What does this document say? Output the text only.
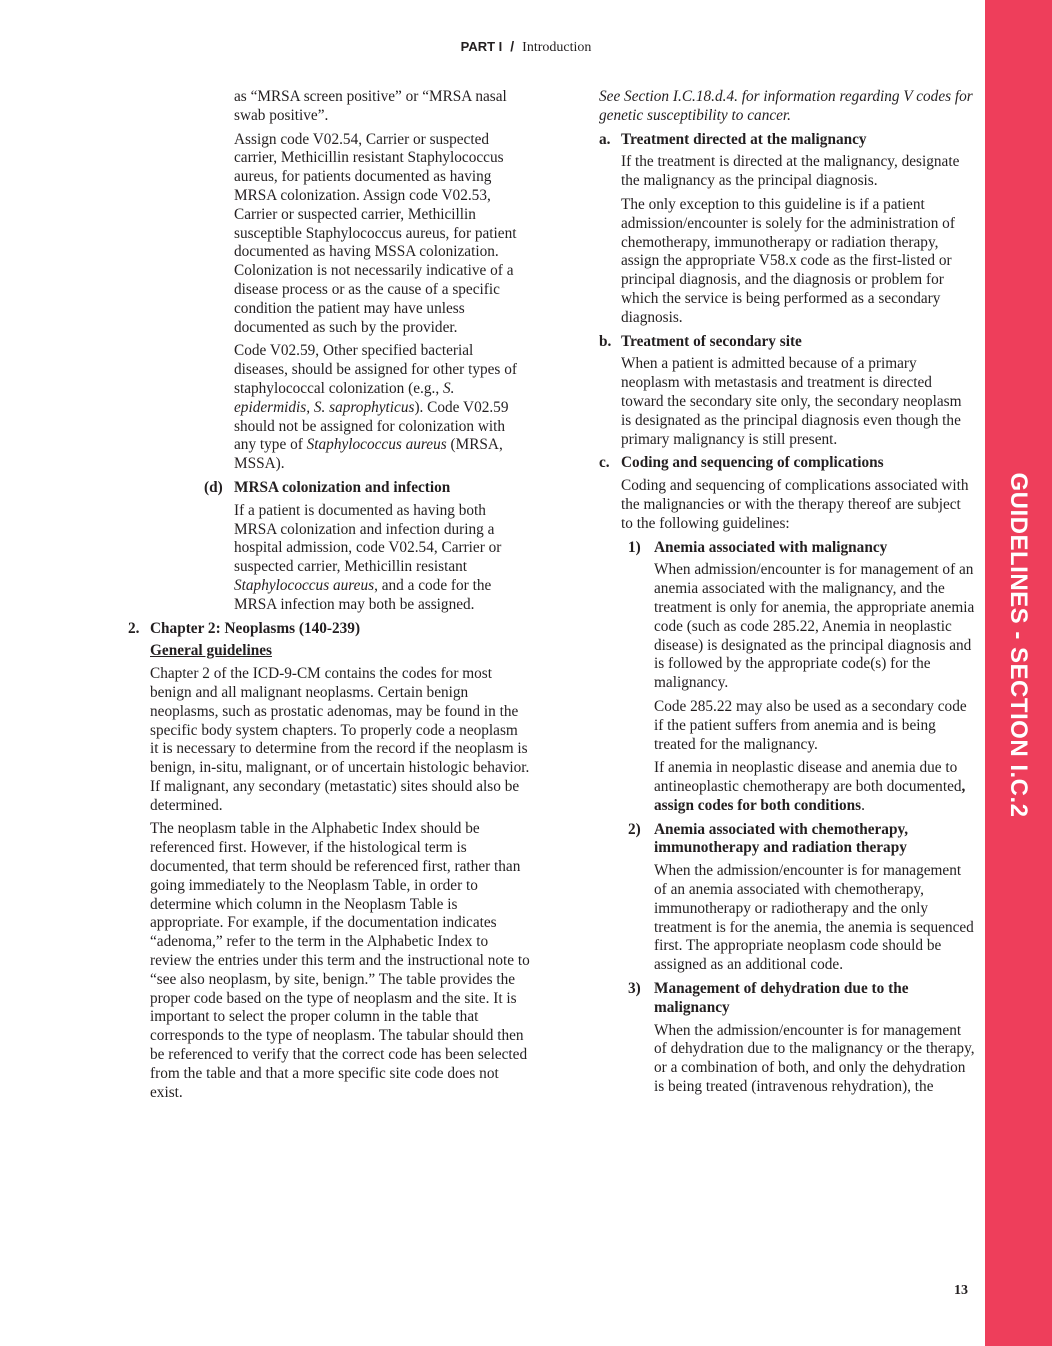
PART I / Introduction

as “MRSA screen positive” or “MRSA nasal swab positive”.

Assign code V02.54, Carrier or suspected carrier, Methicillin resistant Staphylococcus aureus, for patients documented as having MRSA colonization. Assign code V02.53, Carrier or suspected carrier, Methicillin susceptible Staphylococcus aureus, for patient documented as having MSSA colonization. Colonization is not necessarily indicative of a disease process or as the cause of a specific condition the patient may have unless documented as such by the provider.

Code V02.59, Other specified bacterial diseases, should be assigned for other types of staphylococcal colonization (e.g., S. epidermidis, S. saprophyticus). Code V02.59 should not be assigned for colonization with any type of Staphylococcus aureus (MRSA, MSSA).

(d) MRSA colonization and infection

If a patient is documented as having both MRSA colonization and infection during a hospital admission, code V02.54, Carrier or suspected carrier, Methicillin resistant Staphylococcus aureus, and a code for the MRSA infection may both be assigned.

2. Chapter 2: Neoplasms (140-239)
General guidelines

Chapter 2 of the ICD-9-CM contains the codes for most benign and all malignant neoplasms. Certain benign neoplasms, such as prostatic adenomas, may be found in the specific body system chapters. To properly code a neoplasm it is necessary to determine from the record if the neoplasm is benign, in-situ, malignant, or of uncertain histologic behavior. If malignant, any secondary (metastatic) sites should also be determined.

The neoplasm table in the Alphabetic Index should be referenced first. However, if the histological term is documented, that term should be referenced first, rather than going immediately to the Neoplasm Table, in order to determine which column in the Neoplasm Table is appropriate. For example, if the documentation indicates “adenoma,” refer to the term in the Alphabetic Index to review the entries under this term and the instructional note to “see also neoplasm, by site, benign.” The table provides the proper code based on the type of neoplasm and the site. It is important to select the proper column in the table that corresponds to the type of neoplasm. The tabular should then be referenced to verify that the correct code has been selected from the table and that a more specific site code does not exist.

See Section I.C.18.d.4. for information regarding V codes for genetic susceptibility to cancer.

a. Treatment directed at the malignancy

If the treatment is directed at the malignancy, designate the malignancy as the principal diagnosis.

The only exception to this guideline is if a patient admission/encounter is solely for the administration of chemotherapy, immunotherapy or radiation therapy, assign the appropriate V58.x code as the first-listed or principal diagnosis, and the diagnosis or problem for which the service is being performed as a secondary diagnosis.

b. Treatment of secondary site

When a patient is admitted because of a primary neoplasm with metastasis and treatment is directed toward the secondary site only, the secondary neoplasm is designated as the principal diagnosis even though the primary malignancy is still present.

c. Coding and sequencing of complications

Coding and sequencing of complications associated with the malignancies or with the therapy thereof are subject to the following guidelines:

1) Anemia associated with malignancy

When admission/encounter is for management of an anemia associated with the malignancy, and the treatment is only for anemia, the appropriate anemia code (such as code 285.22, Anemia in neoplastic disease) is designated as the principal diagnosis and is followed by the appropriate code(s) for the malignancy.

Code 285.22 may also be used as a secondary code if the patient suffers from anemia and is being treated for the malignancy.

If anemia in neoplastic disease and anemia due to antineoplastic chemotherapy are both documented, assign codes for both conditions.

2) Anemia associated with chemotherapy, immunotherapy and radiation therapy

When the admission/encounter is for management of an anemia associated with chemotherapy, immunotherapy or radiotherapy and the only treatment is for the anemia, the anemia is sequenced first. The appropriate neoplasm code should be assigned as an additional code.

3) Management of dehydration due to the malignancy

When the admission/encounter is for management of dehydration due to the malignancy or the therapy, or a combination of both, and only the dehydration is being treated (intravenous rehydration), the

GUIDELINES - SECTION I.C.2
13
